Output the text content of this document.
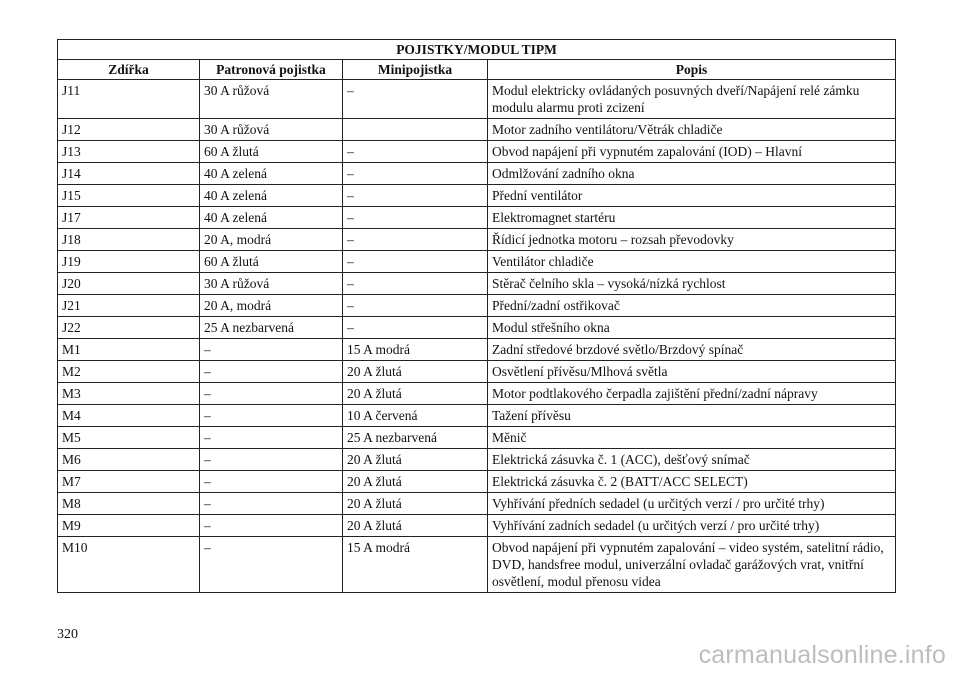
POJISTKY/MODUL TIPM			
Zdířka	Patronová pojistka	Minipojistka	Popis
J11	30 A růžová	–	Modul elektricky ovládaných posuvných dveří/Napájení relé zámku modulu alarmu proti zcizení
J12	30 A růžová		Motor zadního ventilátoru/Větrák chladiče
J13	60 A žlutá	–	Obvod napájení při vypnutém zapalování (IOD) – Hlavní
J14	40 A zelená	–	Odmlžování zadního okna
J15	40 A zelená	–	Přední ventilátor
J17	40 A zelená	–	Elektromagnet startéru
J18	20 A, modrá	–	Řídicí jednotka motoru – rozsah převodovky
J19	60 A žlutá	–	Ventilátor chladiče
J20	30 A růžová	–	Stěrač čelního skla – vysoká/nízká rychlost
J21	20 A, modrá	–	Přední/zadní ostřikovač
J22	25 A nezbarvená	–	Modul střešního okna
M1	–	15 A modrá	Zadní středové brzdové světlo/Brzdový spínač
M2	–	20 A žlutá	Osvětlení přívěsu/Mlhová světla
M3	–	20 A žlutá	Motor podtlakového čerpadla zajištění přední/zadní nápravy
M4	–	10 A červená	Tažení přívěsu
M5	–	25 A nezbarvená	Měnič
M6	–	20 A žlutá	Elektrická zásuvka č. 1 (ACC), dešťový snímač
M7	–	20 A žlutá	Elektrická zásuvka č. 2 (BATT/ACC SELECT)
M8	–	20 A žlutá	Vyhřívání předních sedadel (u určitých verzí / pro určité trhy)
M9	–	20 A žlutá	Vyhřívání zadních sedadel (u určitých verzí / pro určité trhy)
M10	–	15 A modrá	Obvod napájení při vypnutém zapalování – video systém, satelitní rádio, DVD, handsfree modul, univerzální ovladač garážových vrat, vnitřní osvětlení, modul přenosu videa
320
carmanualsonline.info
